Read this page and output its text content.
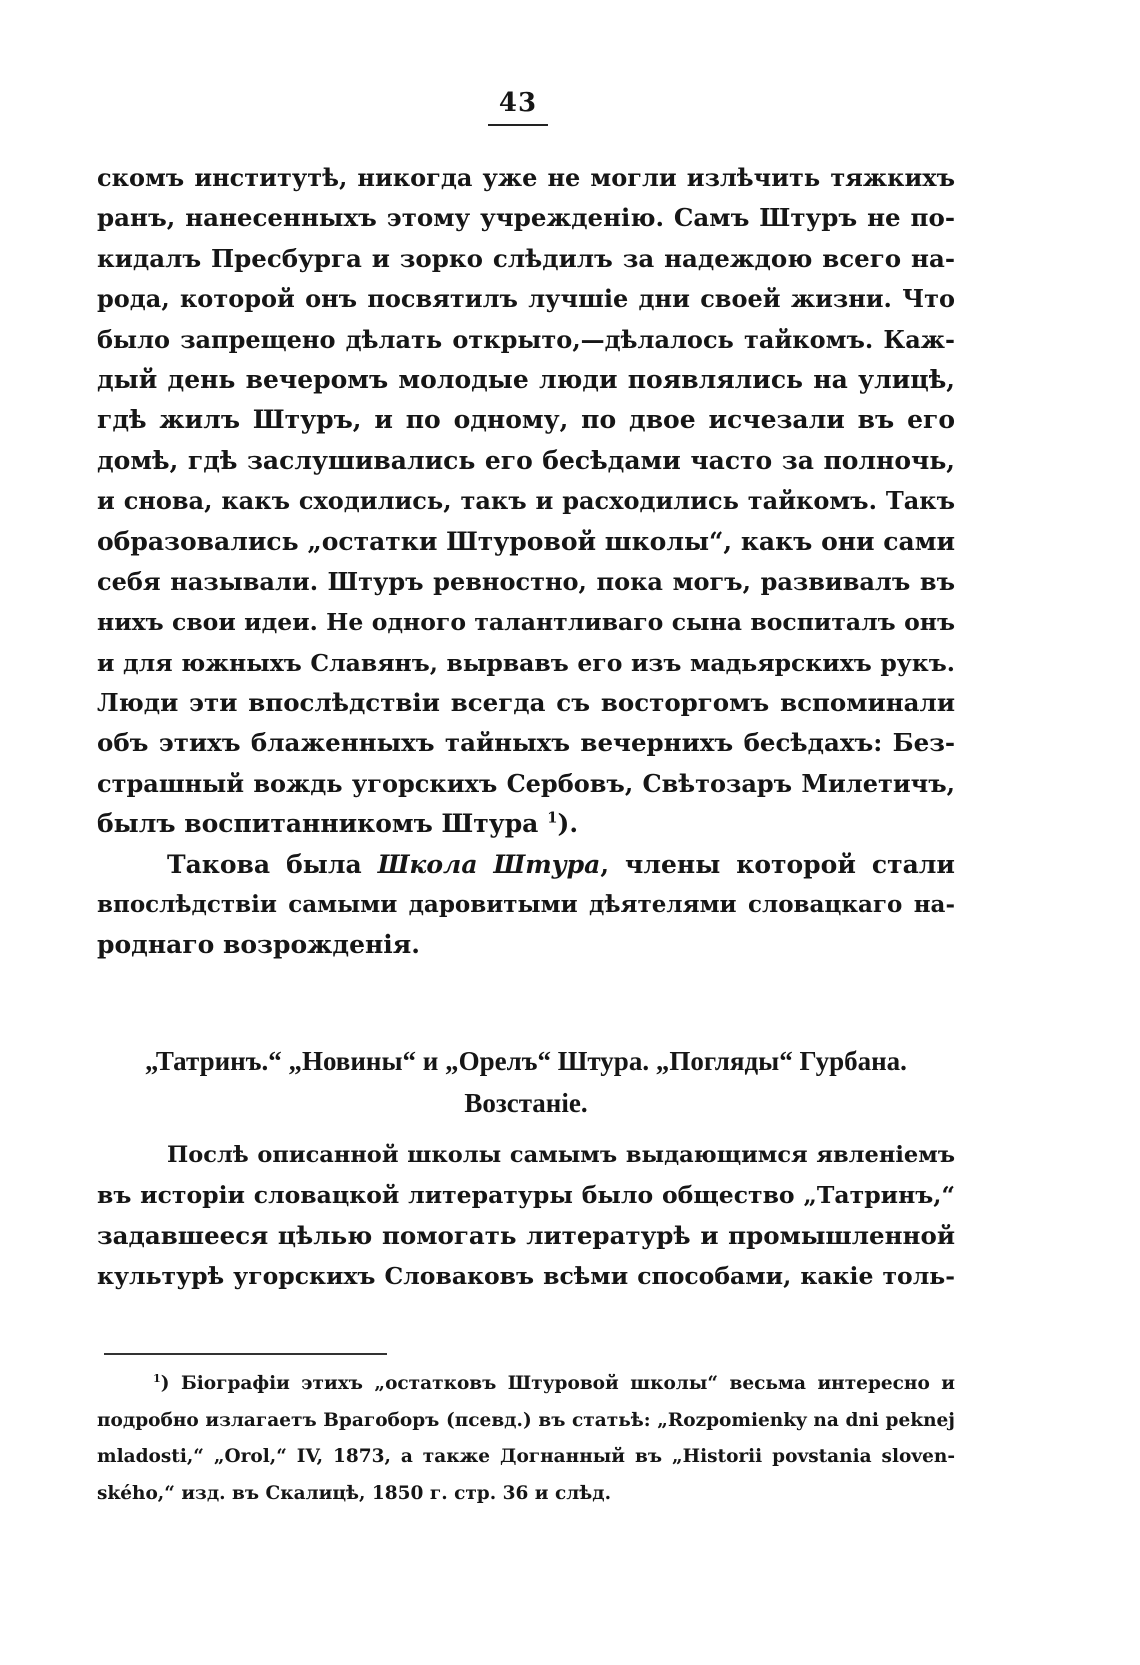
43
скомъ институтѣ, никогда уже не могли излѣчить тяжкихъ
ранъ, нанесенныхъ этому учрежденію. Самъ Штуръ не по-
кидалъ Пресбурга и зорко слѣдилъ за надеждою всего на-
рода, которой онъ посвятилъ лучшіе дни своей жизни. Что
было запрещено дѣлать открыто,—дѣлалось тайкомъ. Каж-
дый день вечеромъ молодые люди появлялись на улицѣ,
гдѣ жилъ Штуръ, и по одному, по двое исчезали въ его
домѣ, гдѣ заслушивались его бесѣдами часто за полночь,
и снова, какъ сходились, такъ и расходились тайкомъ. Такъ
образовались „остатки Штуровой школы“, какъ они сами
себя называли. Штуръ ревностно, пока могъ, развивалъ въ
нихъ свои идеи. Не одного талантливаго сына воспиталъ онъ
и для южныхъ Славянъ, вырвавъ его изъ мадьярскихъ рукъ.
Люди эти впослѣдствіи всегда съ восторгомъ вспоминали
объ этихъ блаженныхъ тайныхъ вечернихъ бесѣдахъ: Без-
страшный вождь угорскихъ Сербовъ, Свѣтозаръ Милетичъ,
былъ воспитанникомъ Штура $^1$).
Такова была Школа Штура, члены которой стали
впослѣдствіи самыми даровитыми дѣятелями словацкаго на-
роднаго возрожденія.
„Татринъ.“ „Новины“ и „Орелъ“ Штура. „Погляды“ Гурбана.
Возстаніе.
Послѣ описанной школы самымъ выдающимся явленіемъ
въ исторіи словацкой литературы было общество „Татринъ,“
задавшееся цѣлью помогать литературѣ и промышленной
культурѣ угорскихъ Словаковъ всѣми способами, какіе толь-
$^1$) Біографіи этихъ „остатковъ Штуровой школы“ весьма интересно и
подробно излагаетъ Врагоборъ (псевд.) въ статьѣ: „Rozpomienky na dni peknej
mladosti,“ „Orol,“ IV, 1873, а также Догнанный въ „Historii povstania sloven-
ského,“ изд. въ Скалицѣ, 1850 г. стр. 36 и слѣд.
